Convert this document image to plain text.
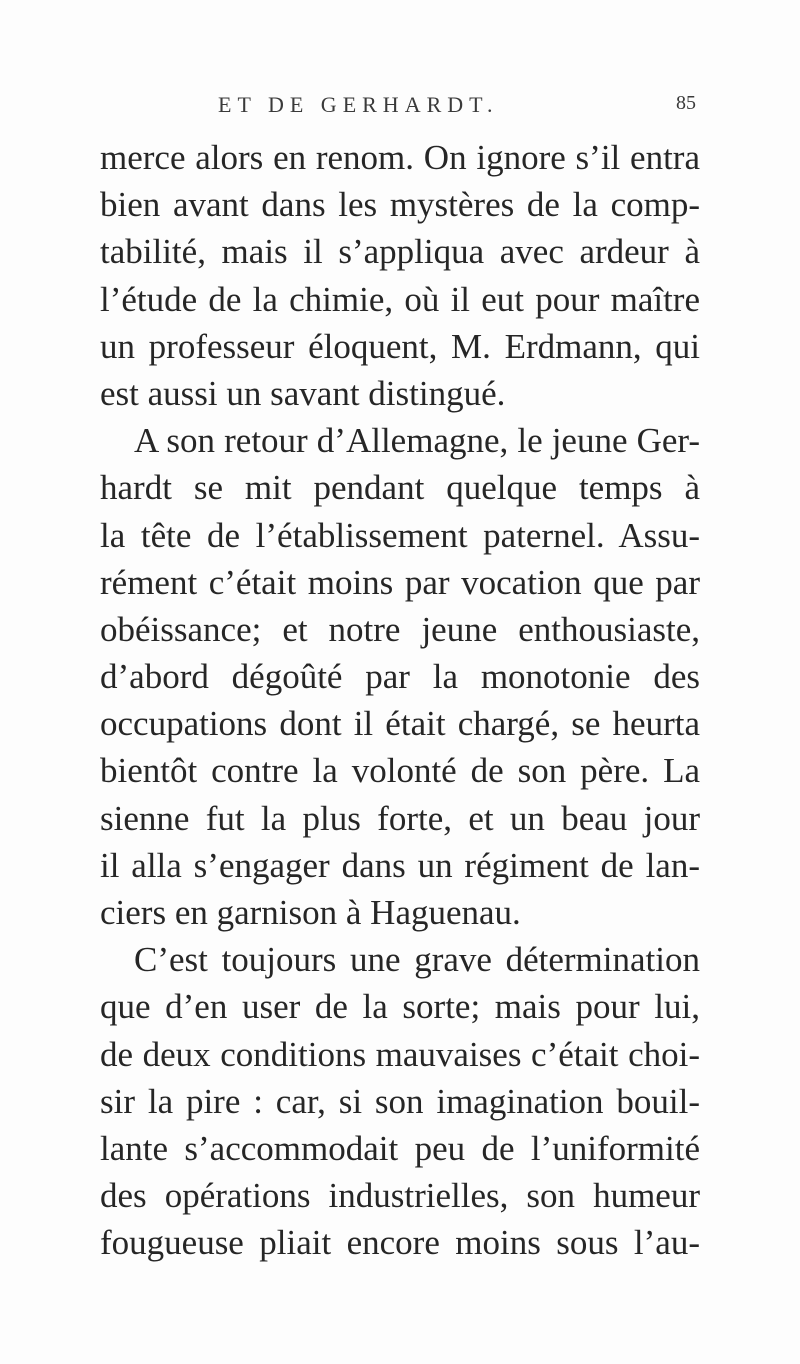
ET DE GERHARDT.	85
merce alors en renom. On ignore s’il entra
bien avant dans les mystères de la comp-
tabilité, mais il s’appliqua avec ardeur à
l’étude de la chimie, où il eut pour maître
un professeur éloquent, M. Erdmann, qui
est aussi un savant distingué.
A son retour d’Allemagne, le jeune Ger-
hardt se mit pendant quelque temps à
la tête de l’établissement paternel. Assu-
rément c’était moins par vocation que par
obéissance; et notre jeune enthousiaste,
d’abord dégoûté par la monotonie des
occupations dont il était chargé, se heurta
bientôt contre la volonté de son père. La
sienne fut la plus forte, et un beau jour
il alla s’engager dans un régiment de lan-
ciers en garnison à Haguenau.
C’est toujours une grave détermination
que d’en user de la sorte; mais pour lui,
de deux conditions mauvaises c’était choi-
sir la pire : car, si son imagination bouil-
lante s’accommodait peu de l’uniformité
des opérations industrielles, son humeur
fougueuse pliait encore moins sous l’au-
